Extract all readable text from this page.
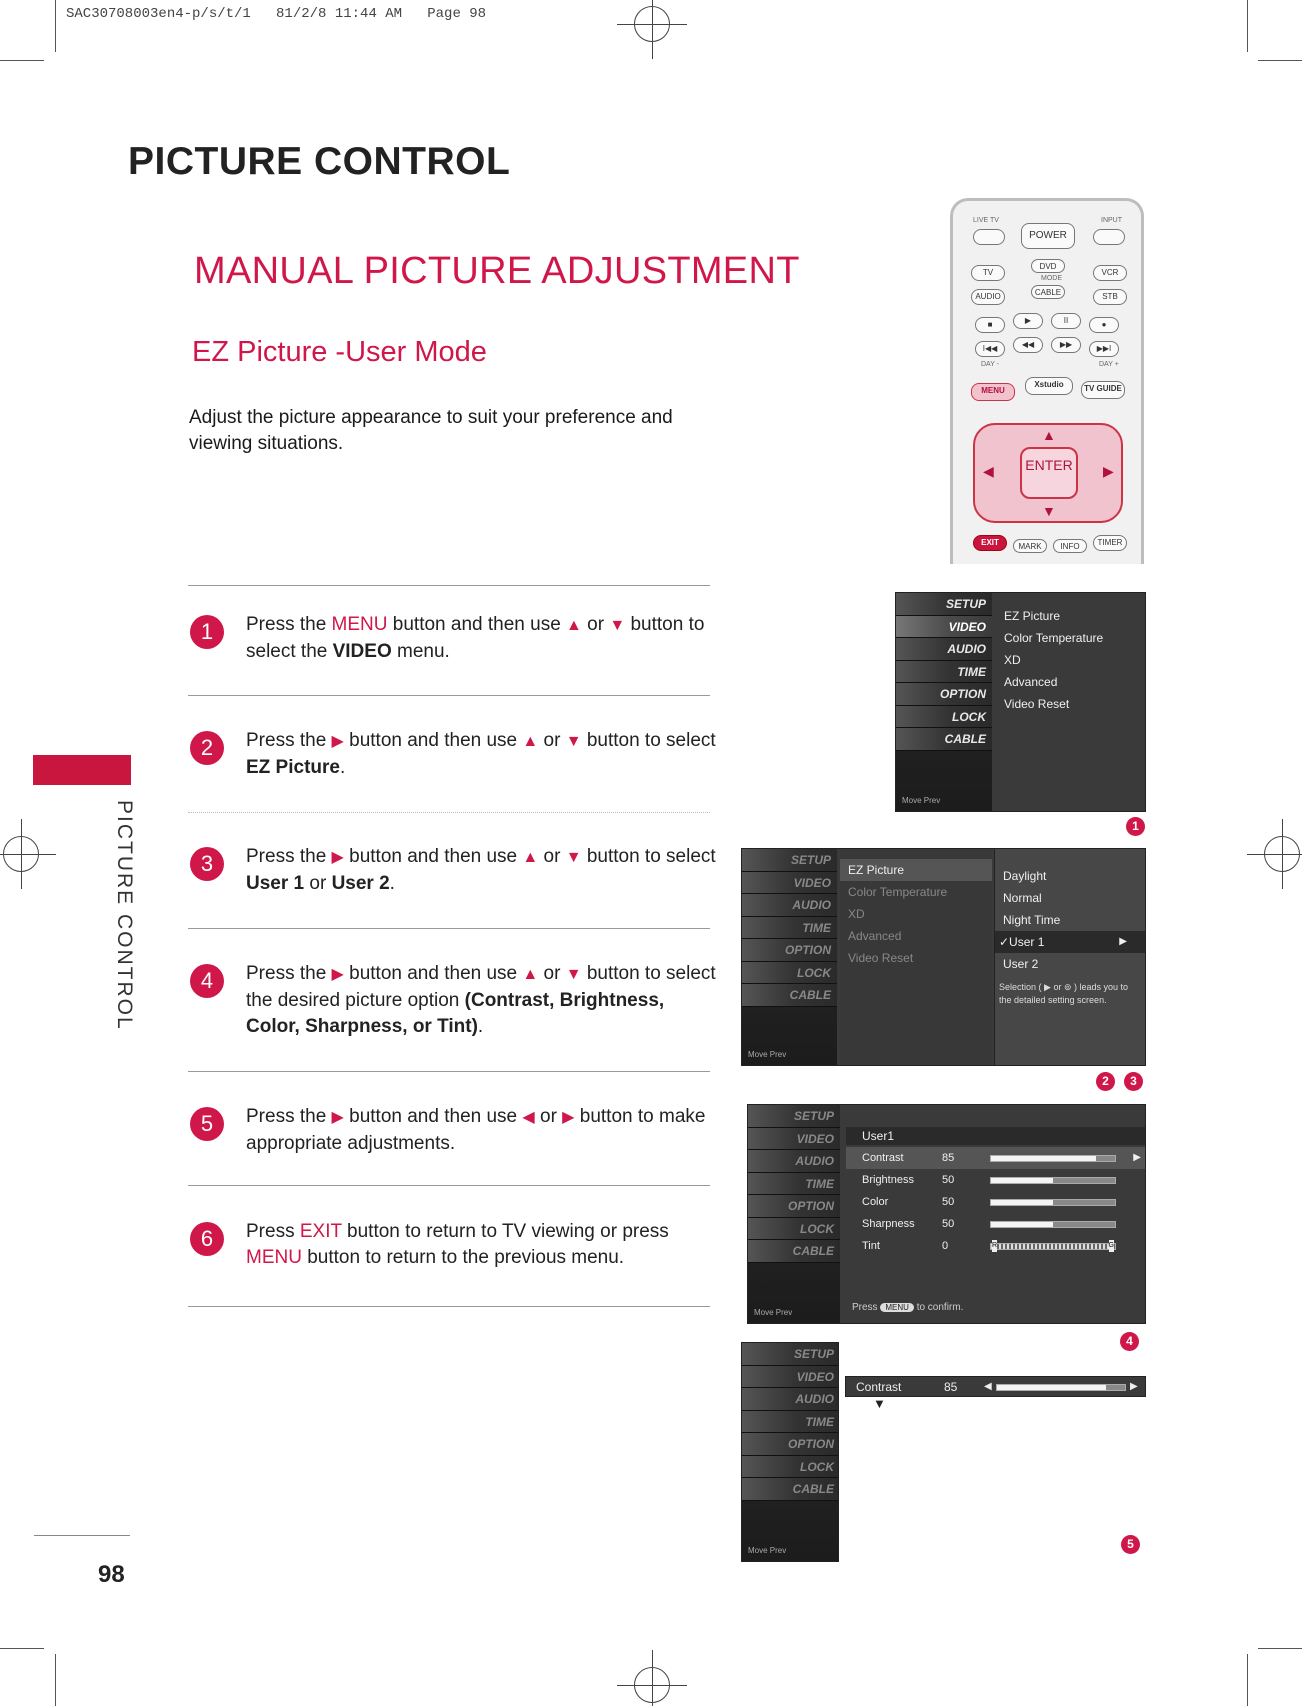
SAC30708003en4-p/s/t/1   81/2/8 11:44 AM   Page 98
PICTURE CONTROL
MANUAL PICTURE ADJUSTMENT
EZ Picture -User Mode
Adjust the picture appearance to suit your preference and viewing situations.
PICTURE CONTROL
98
1	Press the MENU button and then use ▲ or ▼ button to select the VIDEO menu.
2	Press the ▶ button and then use ▲ or ▼ button to select EZ Picture.
3	Press the ▶ button and then use ▲ or ▼ button to select User 1 or User 2.
4	Press the ▶ button and then use ▲ or ▼ button to select the desired picture option (Contrast, Brightness, Color, Sharpness, or Tint).
5	Press the ▶ button and then use ◀ or ▶ button to make appropriate adjustments.
6	Press EXIT button to return to TV viewing or press MENU button to return to the previous menu.
LIVE TV
POWER
INPUT
TV
DVD
MODE
VCR
AUDIO	CABLE	STB
■	▶	II	●
I◀◀	◀◀	▶▶	▶▶I
DAY -	DAY +
MENU
Xstudio	TV GUIDE
▲
▼
◀	▶
ENTER
EXIT	MARK	INFO	TIMER
SETUP
VIDEO
AUDIO
TIME
OPTION
LOCK
CABLE
Move Prev
EZ Picture
Color Temperature
XD
Advanced
Video Reset
1
SETUP
VIDEO
AUDIO
TIME
OPTION
LOCK
CABLE
Move Prev
EZ Picture
Color Temperature
XD
Advanced
Video Reset
Daylight
Normal
Night Time
✓User 1	▶
User 2
Selection ( ▶ or ⊚ ) leads you to the detailed setting screen.
2	3
SETUP
VIDEO
AUDIO
TIME
OPTION
LOCK
CABLE
Move Prev
User1
Contrast	85	▶
Brightness	50
Color	50
Sharpness 50
Tint	0	R	G
Press MENU to confirm.
4
SETUP
VIDEO
AUDIO
TIME
OPTION
LOCK
CABLE
Move Prev
Contrast	85	◀	▶
▼
5
